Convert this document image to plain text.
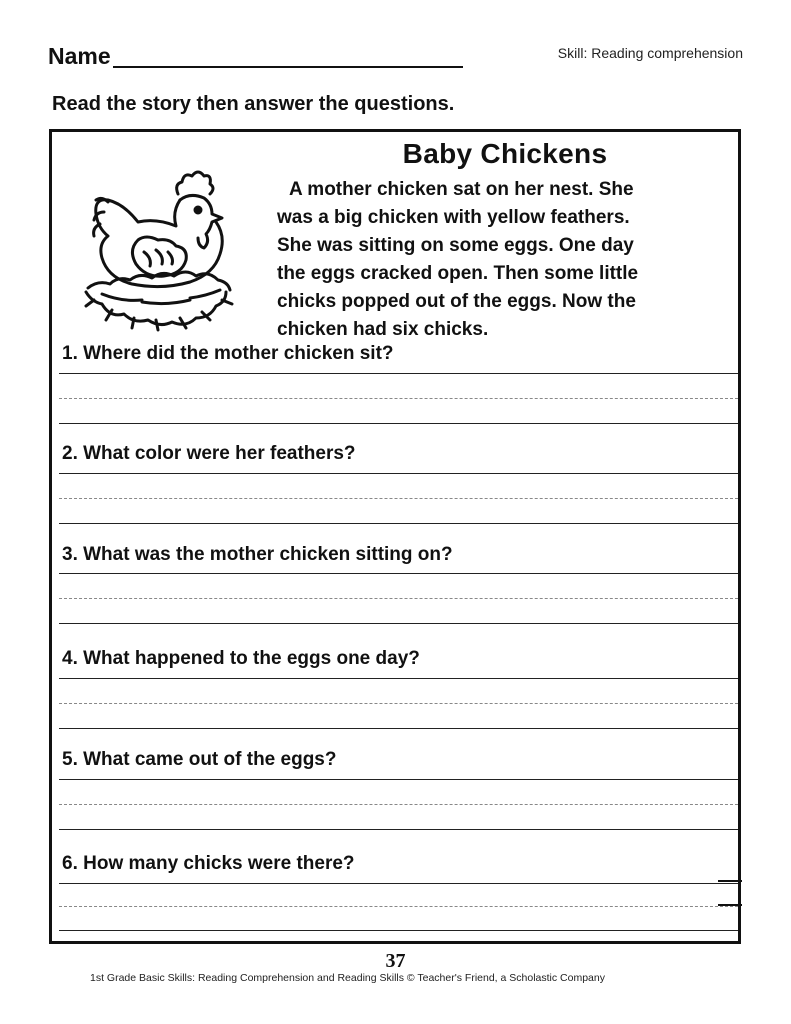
Name	Skill: Reading comprehension
Read the story then answer the questions.
Baby Chickens
A mother chicken sat on her nest. She
was a big chicken with yellow feathers.
She was sitting on some eggs. One day
the eggs cracked open. Then some little
chicks popped out of the eggs. Now the
chicken had six chicks.
1. Where did the mother chicken sit?
2. What color were her feathers?
3. What was the mother chicken sitting on?
4. What happened to the eggs one day?
5. What came out of the eggs?
6. How many chicks were there?
37
1st Grade Basic Skills: Reading Comprehension and Reading Skills © Teacher's Friend, a Scholastic Company
